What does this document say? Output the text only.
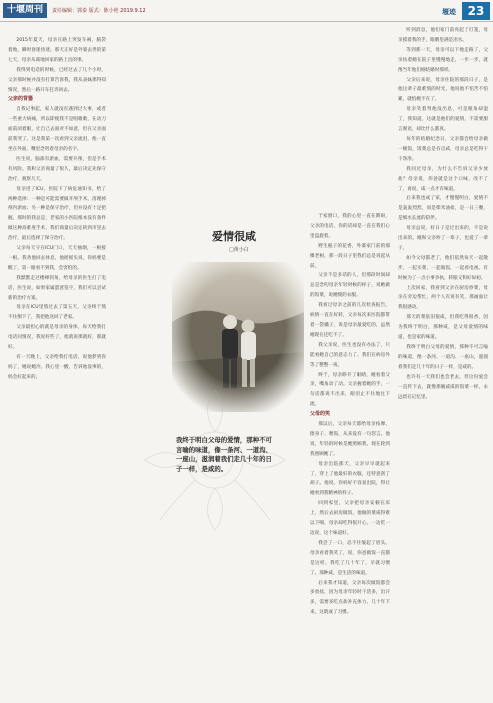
十堰周刊	责任编辑：郭泰 版式：陈小艳 2019.9.12	堰迹 23

2015年夏天，母亲在路上突发车祸，脑袋着地，瞬时昏迷昏迷。那天正好是外婆去世的第七天，母亲从葛地回家的路上出的事。

我得到电话的时候，已经过去了几个小时，父亲那时候并没有打算告诉我，我从表妹那得知情况，然后一路开车狂奔回去。

父亲的背篓

自我记事起，家人就没有遇到过大事，或者一些重大病痛，所以即使我不是唱歌歌，在动刀面前闭着眼，让自己去面对不如意，但在父亲面前我哭了。这是我第一次看到父亲流泪，他一直坐在外面，嘴里念叨着母亲的名字。

医生说，脑部有淤血，需要开颅，但是手术有风险。我和父亲商量了很久，最后决定先保守治疗，观察几天。

母亲进了ICU，医院下了病危通知书，给了两种选择：一种是可能需要做开颅手术，清理掉颅内淤血；另一种是保守治疗，但并没有十足把握。那时的我总是，老家的小医院根本没有条件做这种高难度手术，我们商量后决定转到市里去治疗，最后选择了保守治疗。

父亲每天守在ICU门口，天天抽烟，一根接一根。我劝他回去休息，他摇摇头说，你妈要是醒了，第一眼看不到我，会害怕的。

我默默走过楼梯拐角，给母亲的医生打了电话，医生说，如果家属愿意签字，我们可以尝试新的治疗方案。

母亲在ICU里熬过去了第五天，父亲终于熬不住倒下了，我把他送回了老家。

父亲最担心的就是母亲的身体，每天给我打电话问情况，我说好些了，他就说那就好，那就好。

有一天晚上，父亲给我打电话，说他梦到你妈了，她说她冷。我心里一酸，告诉他没事的，妈会好起来的。

爱情很咸
□黄小白
我终于明白父母的爱情，那种不可言喻的味道，像一条河、一道沟、一座山，滋润着我们走几十年的日子一样，是咸的。

于家窗口，我的心里一直在期盼，父亲的电话，你的话却是一直在我们心里盘旋着。

野生栀子的花香，外婆家门前的那棵老树，那一段日子里我们总是说起从前。

父亲不是多话的人，但那段时间却总是念叨母亲年轻时候的样子，说她做的饭菜，说她缝的衣服。

我看过母亲之前的几次检查报告，病情一直在好转，父亲每次来医院都带着一袋橘子，说是母亲最爱吃的，虽然她现在还吃不了。

我父亲说，医生也没有办法了，只能看她自己的意志力了。我们在病房外等了整整一夜。

终于，母亲睁开了眼睛，她看着父亲，嘴角动了动。父亲握着她的手，一句话都说不出来，眼泪止不住地往下流。

父母的笑

那以后，父亲每天都给母亲按摩、擦身子、喂饭，从来没有一句怨言。他说，年轻的时候是她照顾我，现在轮到我照顾她了。

母亲出院那天，父亲早早就起来了，穿上了他最好的衣服，还特意刮了胡子。他说，你妈好不容易出院，得让她看到我精神的样子。

回到家里，父亲把母亲安顿在床上，然后去厨房做饭，他做的菜咸得难以下咽，母亲却吃得很开心，一边吃一边说，这个味道好。

我尝了一口，忍不住皱起了眉头。母亲看着我笑了，说，你爸做饭一直都是这样，我吃了几十年了，早就习惯了。那种咸，是生活的味道。

后来我才知道，父亲每次做饭都会多放盐，因为母亲年轻时干活多，出汗多，需要多吃点盐补充体力，几十年下来，这就成了习惯。

听到消息，他们家门前亮起了灯笼，母亲摸着我的手，眼睛里满是泪水。

等到那一天，母亲可以下地走路了，父亲扶着她在院子里慢慢地走，一步一步，就像当年他们刚结婚时那样。

父亲后来说，母亲住院的那段日子，是他这辈子最难熬的时光，他说他不怕苦不怕累，就怕她不在了。

母亲笑着骂他没出息，可是眼角却湿了，我知道，这就是他们的爱情，不需要甜言蜜语，却比什么都真。

每年的结婚纪念日，父亲都会给母亲做一顿饭，饭菜总是有点咸，母亲总是吃得干干净净。

我问过母亲，为什么不告诉父亲少放盐？母亲说，你爸就是这个口味，改不了了，再说，咸一点才有味道。

后来我也成了家，才慢慢明白，爱情不是轰轰烈烈，而是柴米油盐，是一日三餐，是细水长流的陪伴。

母亲总说，好日子是过出来的，不是说出来的。她和父亲吵了一辈子，也爱了一辈子。

如今父母都老了，他们依然每天一起散步，一起买菜，一起做饭，一起看电视。有时候为了一点小事争执，转眼又和好如初。

上次回家，我看到父亲在厨房炒菜，母亲在旁边帮忙，两个人有说有笑，那画面让我很感动。

那天的菜依旧很咸，但我吃得很香，因为我终于明白，那种咸，是父母爱情的味道，也是家的味道。

我终于明白父母的爱情，那种不可言喻的味道，像一条河、一道沟、一座山，滋润着我们走几十年的日子一样，是咸的。

也许有一天我们也会老去，但这份爱会一直传下去，就像那碗咸咸的饭菜一样，永远留在记忆里。
